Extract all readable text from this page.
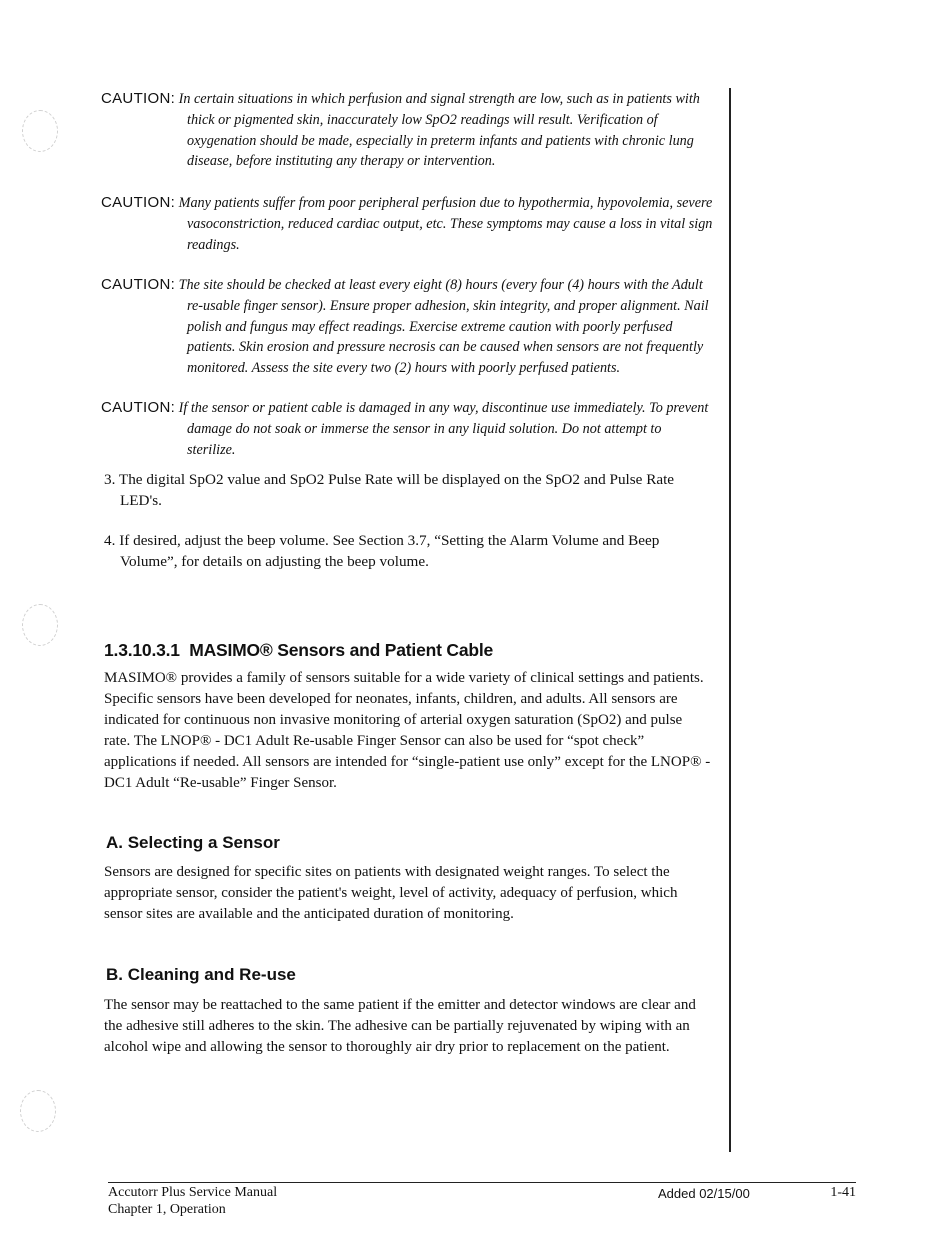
CAUTION: In certain situations in which perfusion and signal strength are low, such as in patients with thick or pigmented skin, inaccurately low SpO2 readings will result. Verification of oxygenation should be made, especially in preterm infants and patients with chronic lung disease, before instituting any therapy or intervention.

CAUTION: Many patients suffer from poor peripheral perfusion due to hypothermia, hypovolemia, severe vasoconstriction, reduced cardiac output, etc. These symptoms may cause a loss in vital sign readings.

CAUTION: The site should be checked at least every eight (8) hours (every four (4) hours with the Adult re-usable finger sensor). Ensure proper adhesion, skin integrity, and proper alignment. Nail polish and fungus may effect readings. Exercise extreme caution with poorly perfused patients. Skin erosion and pressure necrosis can be caused when sensors are not frequently monitored. Assess the site every two (2) hours with poorly perfused patients.

CAUTION: If the sensor or patient cable is damaged in any way, discontinue use immediately. To prevent damage do not soak or immerse the sensor in any liquid solution. Do not attempt to sterilize.

3. The digital SpO2 value and SpO2 Pulse Rate will be displayed on the SpO2 and Pulse Rate LED's.

4. If desired, adjust the beep volume. See Section 3.7, “Setting the Alarm Volume and Beep Volume”, for details on adjusting the beep volume.

1.3.10.3.1 MASIMO® Sensors and Patient Cable

MASIMO® provides a family of sensors suitable for a wide variety of clinical settings and patients. Specific sensors have been developed for neonates, infants, children, and adults. All sensors are indicated for continuous non invasive monitoring of arterial oxygen saturation (SpO2) and pulse rate. The LNOP® - DC1 Adult Re-usable Finger Sensor can also be used for “spot check” applications if needed. All sensors are intended for “single-patient use only” except for the LNOP® - DC1 Adult “Re-usable” Finger Sensor.

A. Selecting a Sensor

Sensors are designed for specific sites on patients with designated weight ranges. To select the appropriate sensor, consider the patient's weight, level of activity, adequacy of perfusion, which sensor sites are available and the anticipated duration of monitoring.

B. Cleaning and Re-use

The sensor may be reattached to the same patient if the emitter and detector windows are clear and the adhesive still adheres to the skin. The adhesive can be partially rejuvenated by wiping with an alcohol wipe and allowing the sensor to thoroughly air dry prior to replacement on the patient.

Accutorr Plus Service Manual
Chapter 1, Operation
Added 02/15/00	1-41
